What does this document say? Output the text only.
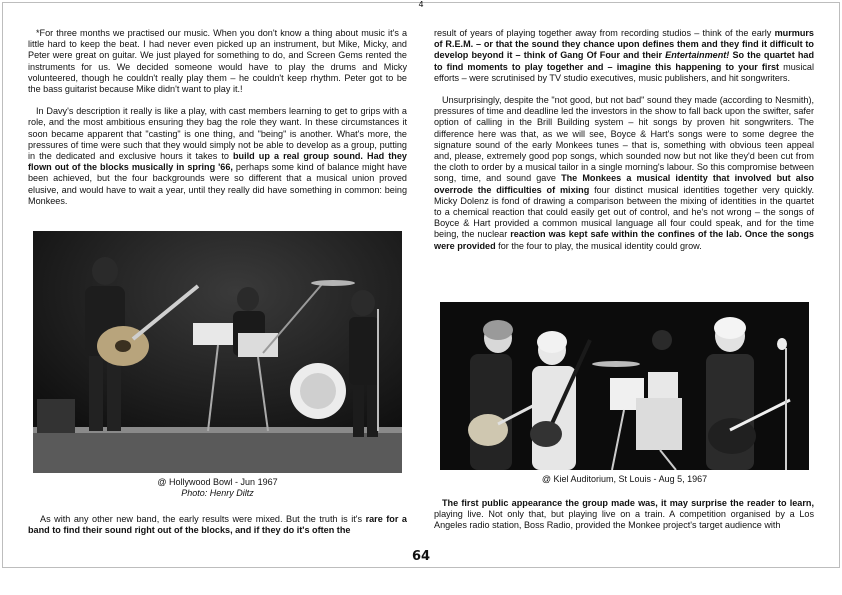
4

*For three months we practised our music. When you don't know a thing about music it's a little hard to keep the beat. I had never even picked up an instrument, but Mike, Micky, and Peter were great on guitar. We just played for something to do, and Screen Gems rented the instruments for us. We decided someone would have to play the drums and Micky volunteered, though he couldn't really play them – he couldn't keep rhythm. Peter got to be the bass guitarist because Mike didn't want to play it.!

In Davy's description it really is like a play, with cast members learning to get to grips with a role, and the most ambitious ensuring they bag the role they want. In these circumstances it soon became apparent that "casting" is one thing, and "being" is another. What's more, the pressures of time were such that they would simply not be able to develop as a group, putting in the dedicated and exclusive hours it takes to build up a real group sound. Had they flown out of the blocks musically in spring '66, perhaps some kind of balance might have been achieved, but the four backgrounds were so different that a musical union proved elusive, and would have to wait a year, until they really did have something in common: being Monkees.

@ Hollywood Bowl - Jun 1967
Photo: Henry Diltz

As with any other new band, the early results were mixed. But the truth is it's rare for a band to find their sound right out of the blocks, and if they do it's often the

result of years of playing together away from recording studios – think of the early murmurs of R.E.M. – or that the sound they chance upon defines them and they find it difficult to develop beyond it – think of Gang Of Four and their Entertainment! So the quartet had to find moments to play together and – imagine this happening to your first musical efforts – were scrutinised by TV studio executives, music publishers, and hit songwriters.

Unsurprisingly, despite the "not good, but not bad" sound they made (according to Nesmith), pressures of time and deadline led the investors in the show to fall back upon the swifter, safer option of calling in the Brill Building system – hit songs by proven hit songwriters. The difference here was that, as we will see, Boyce & Hart's songs were to some degree the signature sound of the early Monkees tunes – that is, something with obvious teen appeal and, please, extremely good pop songs, which sounded now but not like they'd been cut from the cloth to order by a musical tailor in a single morning's labour. So this compromise between song, time, and sound gave The Monkees a musical identity that involved but also overrode the difficulties of mixing four distinct musical identities together very quickly. Micky Dolenz is fond of drawing a comparison between the mixing of identities in the quartet to a chemical reaction that could easily get out of control, and he's not wrong – the songs of Boyce & Hart provided a common musical language all four could speak, and for the time being, the nuclear reaction was kept safe within the confines of the lab. Once the songs were provided for the four to play, the musical identity could grow.

@ Kiel Auditorium, St Louis - Aug 5, 1967

The first public appearance the group made was, it may surprise the reader to learn, playing live. Not only that, but playing live on a train. A competition organised by a Los Angeles radio station, Boss Radio, provided the Monkee project's target audience with

64
